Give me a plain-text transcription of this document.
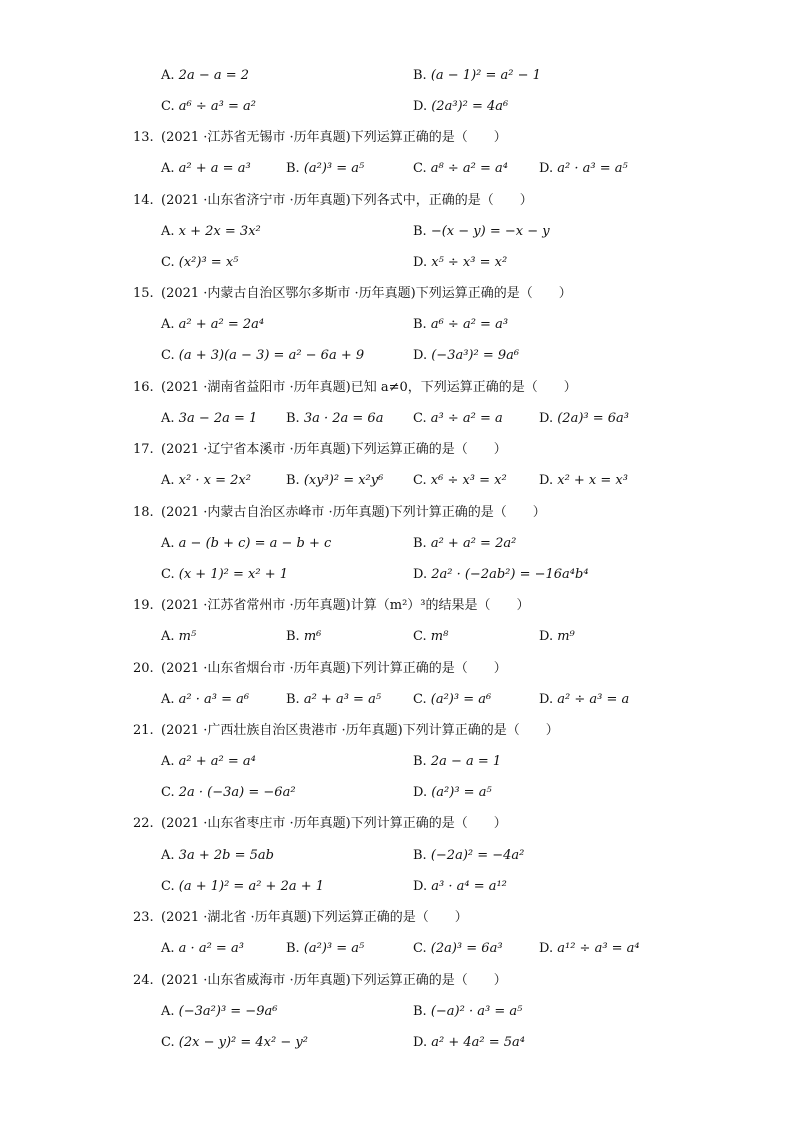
A. 2a − a = 2	B. (a − 1)² = a² − 1
C. a⁶ ÷ a³ = a²	D. (2a³)² = 4a⁶
13. (2021 ·江苏省无锡市 ·历年真题)下列运算正确的是（　　）
A. a² + a = a³	B. (a²)³ = a⁵	C. a⁸ ÷ a² = a⁴ D. a² · a³ = a⁵
14. (2021 ·山东省济宁市 ·历年真题)下列各式中，正确的是（　　）
A. x + 2x = 3x²	B. −(x − y) = −x − y
C. (x²)³ = x⁵	D. x⁵ ÷ x³ = x²
15. (2021 ·内蒙古自治区鄂尔多斯市 ·历年真题)下列运算正确的是（　　）
A. a² + a² = 2a⁴	B. a⁶ ÷ a² = a³
C. (a + 3)(a − 3) = a² − 6a + 9	D. (−3a³)² = 9a⁶
16. (2021 ·湖南省益阳市 ·历年真题)已知 a≠0，下列运算正确的是（　　）
A. 3a − 2a = 1 B. 3a · 2a = 6a C. a³ ÷ a² = a	D. (2a)³ = 6a³
17. (2021 ·辽宁省本溪市 ·历年真题)下列运算正确的是（　　）
A. x² · x = 2x²	B. (xy³)² = x²y⁶ C. x⁶ ÷ x³ = x² D. x² + x = x³
18. (2021 ·内蒙古自治区赤峰市 ·历年真题)下列计算正确的是（　　）
A. a − (b + c) = a − b + c	B. a² + a² = 2a²
C. (x + 1)² = x² + 1	D. 2a² · (−2ab²) = −16a⁴b⁴
19. (2021 ·江苏省常州市 ·历年真题)计算（m²）³的结果是（　　）
A. m⁵	B. m⁶	C. m⁸	D. m⁹
20. (2021 ·山东省烟台市 ·历年真题)下列计算正确的是（　　）
A. a² · a³ = a⁶	B. a² + a³ = a⁵ C. (a²)³ = a⁶	D. a² ÷ a³ = a
21. (2021 ·广西壮族自治区贵港市 ·历年真题)下列计算正确的是（　　）
A. a² + a² = a⁴	B. 2a − a = 1
C. 2a · (−3a) = −6a²	D. (a²)³ = a⁵
22. (2021 ·山东省枣庄市 ·历年真题)下列计算正确的是（　　）
A. 3a + 2b = 5ab	B. (−2a)² = −4a²
C. (a + 1)² = a² + 2a + 1	D. a³ · a⁴ = a¹²
23. (2021 ·湖北省 ·历年真题)下列运算正确的是（　　）
A. a · a² = a³	B. (a²)³ = a⁵	C. (2a)³ = 6a³	D. a¹² ÷ a³ = a⁴
24. (2021 ·山东省威海市 ·历年真题)下列运算正确的是（　　）
A. (−3a²)³ = −9a⁶	B. (−a)² · a³ = a⁵
C. (2x − y)² = 4x² − y²	D. a² + 4a² = 5a⁴
